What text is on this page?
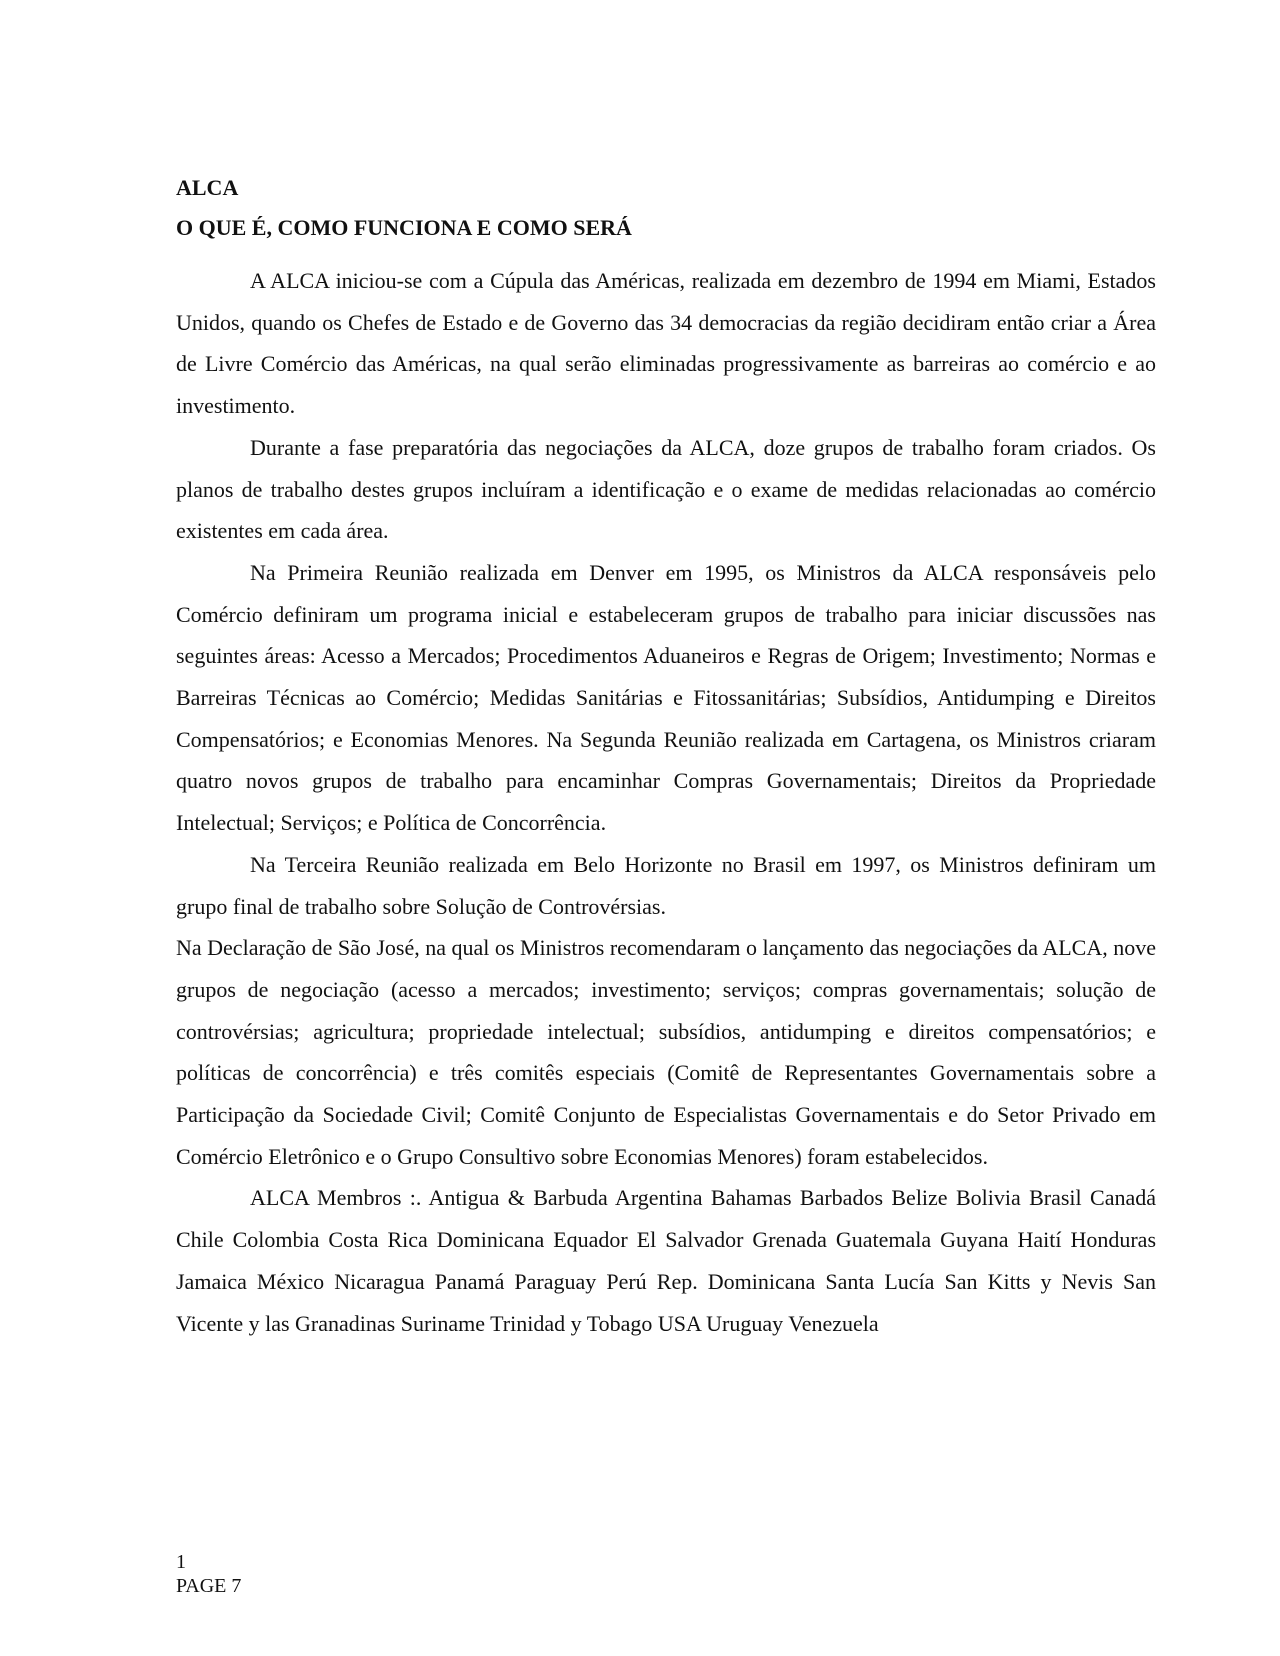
ALCA

O QUE É, COMO FUNCIONA E COMO SERÁ

A ALCA iniciou-se com a Cúpula das Américas, realizada em dezembro de 1994 em Miami, Estados Unidos, quando os Chefes de Estado e de Governo das 34 democracias da região decidiram então criar a Área de Livre Comércio das Américas, na qual serão eliminadas progressivamente as barreiras ao comércio e ao investimento.

Durante a fase preparatória das negociações da ALCA, doze grupos de trabalho foram criados. Os planos de trabalho destes grupos incluíram a identificação e o exame de medidas relacionadas ao comércio existentes em cada área.

Na Primeira Reunião realizada em Denver em 1995, os Ministros da ALCA responsáveis pelo Comércio definiram um programa inicial e estabeleceram grupos de trabalho para iniciar discussões nas seguintes áreas: Acesso a Mercados; Procedimentos Aduaneiros e Regras de Origem; Investimento; Normas e Barreiras Técnicas ao Comércio; Medidas Sanitárias e Fitossanitárias; Subsídios, Antidumping e Direitos Compensatórios; e Economias Menores. Na Segunda Reunião realizada em Cartagena, os Ministros criaram quatro novos grupos de trabalho para encaminhar Compras Governamentais; Direitos da Propriedade Intelectual; Serviços; e Política de Concorrência.

Na Terceira Reunião realizada em Belo Horizonte no Brasil em 1997, os Ministros definiram um grupo final de trabalho sobre Solução de Controvérsias.

Na Declaração de São José, na qual os Ministros recomendaram o lançamento das negociações da ALCA, nove grupos de negociação (acesso a mercados; investimento; serviços; compras governamentais; solução de controvérsias; agricultura; propriedade intelectual; subsídios, antidumping e direitos compensatórios; e políticas de concorrência) e três comitês especiais (Comitê de Representantes Governamentais sobre a Participação da Sociedade Civil; Comitê Conjunto de Especialistas Governamentais e do Setor Privado em Comércio Eletrônico e o Grupo Consultivo sobre Economias Menores) foram estabelecidos.

ALCA Membros :. Antigua & Barbuda Argentina Bahamas Barbados Belize Bolivia Brasil Canadá Chile Colombia Costa Rica Dominicana Equador El Salvador Grenada Guatemala Guyana Haití Honduras Jamaica México Nicaragua Panamá Paraguay Perú Rep. Dominicana Santa Lucía San Kitts y Nevis San Vicente y las Granadinas Suriname Trinidad y Tobago USA Uruguay Venezuela

1
PAGE 7
